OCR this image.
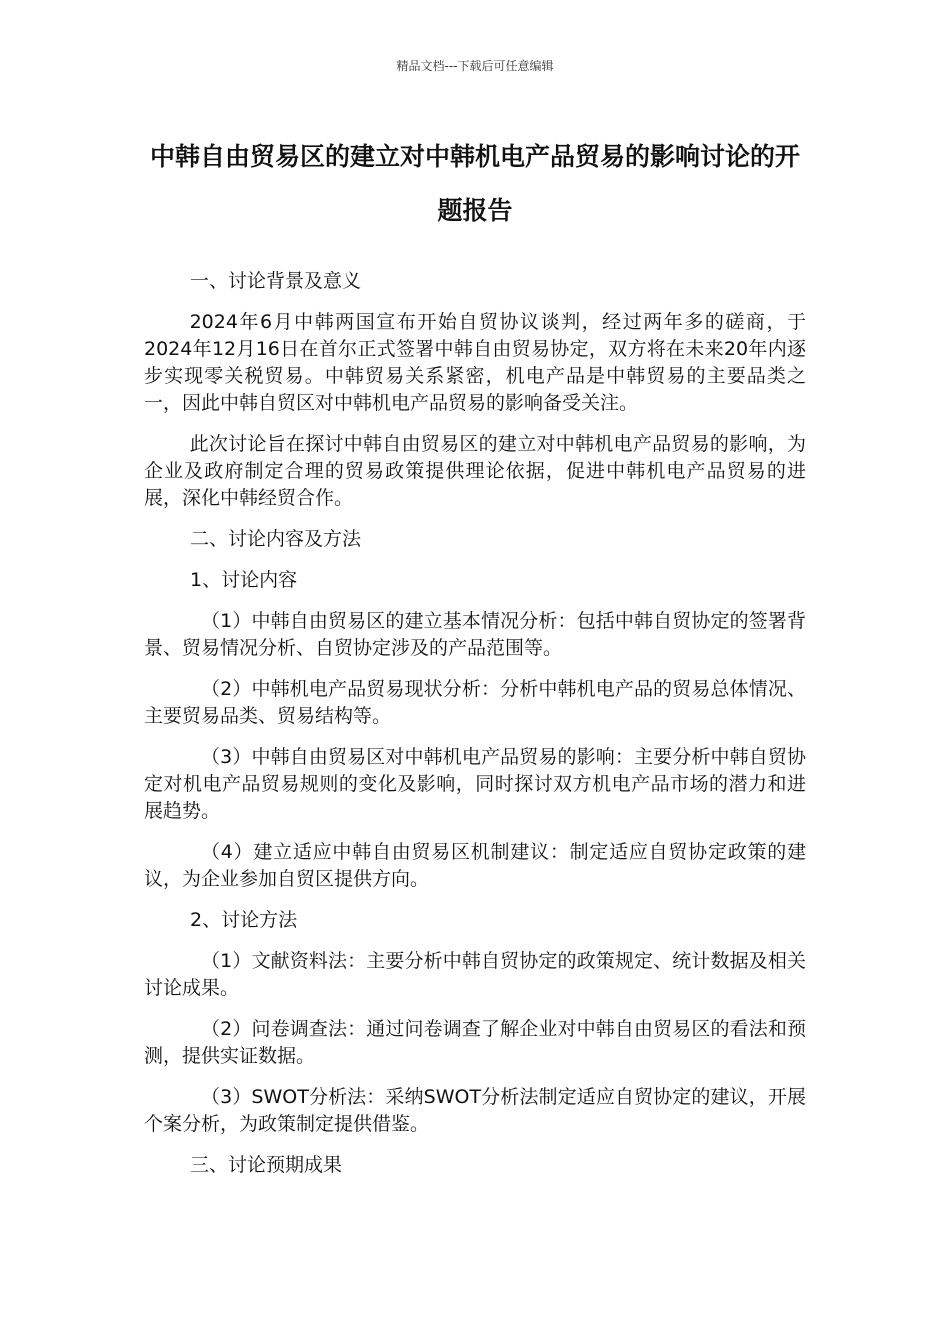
精品文档---下载后可任意编辑
中韩自由贸易区的建立对中韩机电产品贸易的影响讨论的开题报告

一、讨论背景及意义

2024年6月中韩两国宣布开始自贸协议谈判，经过两年多的磋商，于2024年12月16日在首尔正式签署中韩自由贸易协定，双方将在未来20年内逐步实现零关税贸易。中韩贸易关系紧密，机电产品是中韩贸易的主要品类之一，因此中韩自贸区对中韩机电产品贸易的影响备受关注。

此次讨论旨在探讨中韩自由贸易区的建立对中韩机电产品贸易的影响，为企业及政府制定合理的贸易政策提供理论依据，促进中韩机电产品贸易的进展，深化中韩经贸合作。

二、讨论内容及方法

1、讨论内容

（1）中韩自由贸易区的建立基本情况分析：包括中韩自贸协定的签署背景、贸易情况分析、自贸协定涉及的产品范围等。

（2）中韩机电产品贸易现状分析：分析中韩机电产品的贸易总体情况、主要贸易品类、贸易结构等。

（3）中韩自由贸易区对中韩机电产品贸易的影响：主要分析中韩自贸协定对机电产品贸易规则的变化及影响，同时探讨双方机电产品市场的潜力和进展趋势。

（4）建立适应中韩自由贸易区机制建议：制定适应自贸协定政策的建议，为企业参加自贸区提供方向。

2、讨论方法

（1）文献资料法：主要分析中韩自贸协定的政策规定、统计数据及相关讨论成果。

（2）问卷调查法：通过问卷调查了解企业对中韩自由贸易区的看法和预测，提供实证数据。

（3）SWOT分析法：采纳SWOT分析法制定适应自贸协定的建议，开展个案分析，为政策制定提供借鉴。

三、讨论预期成果
